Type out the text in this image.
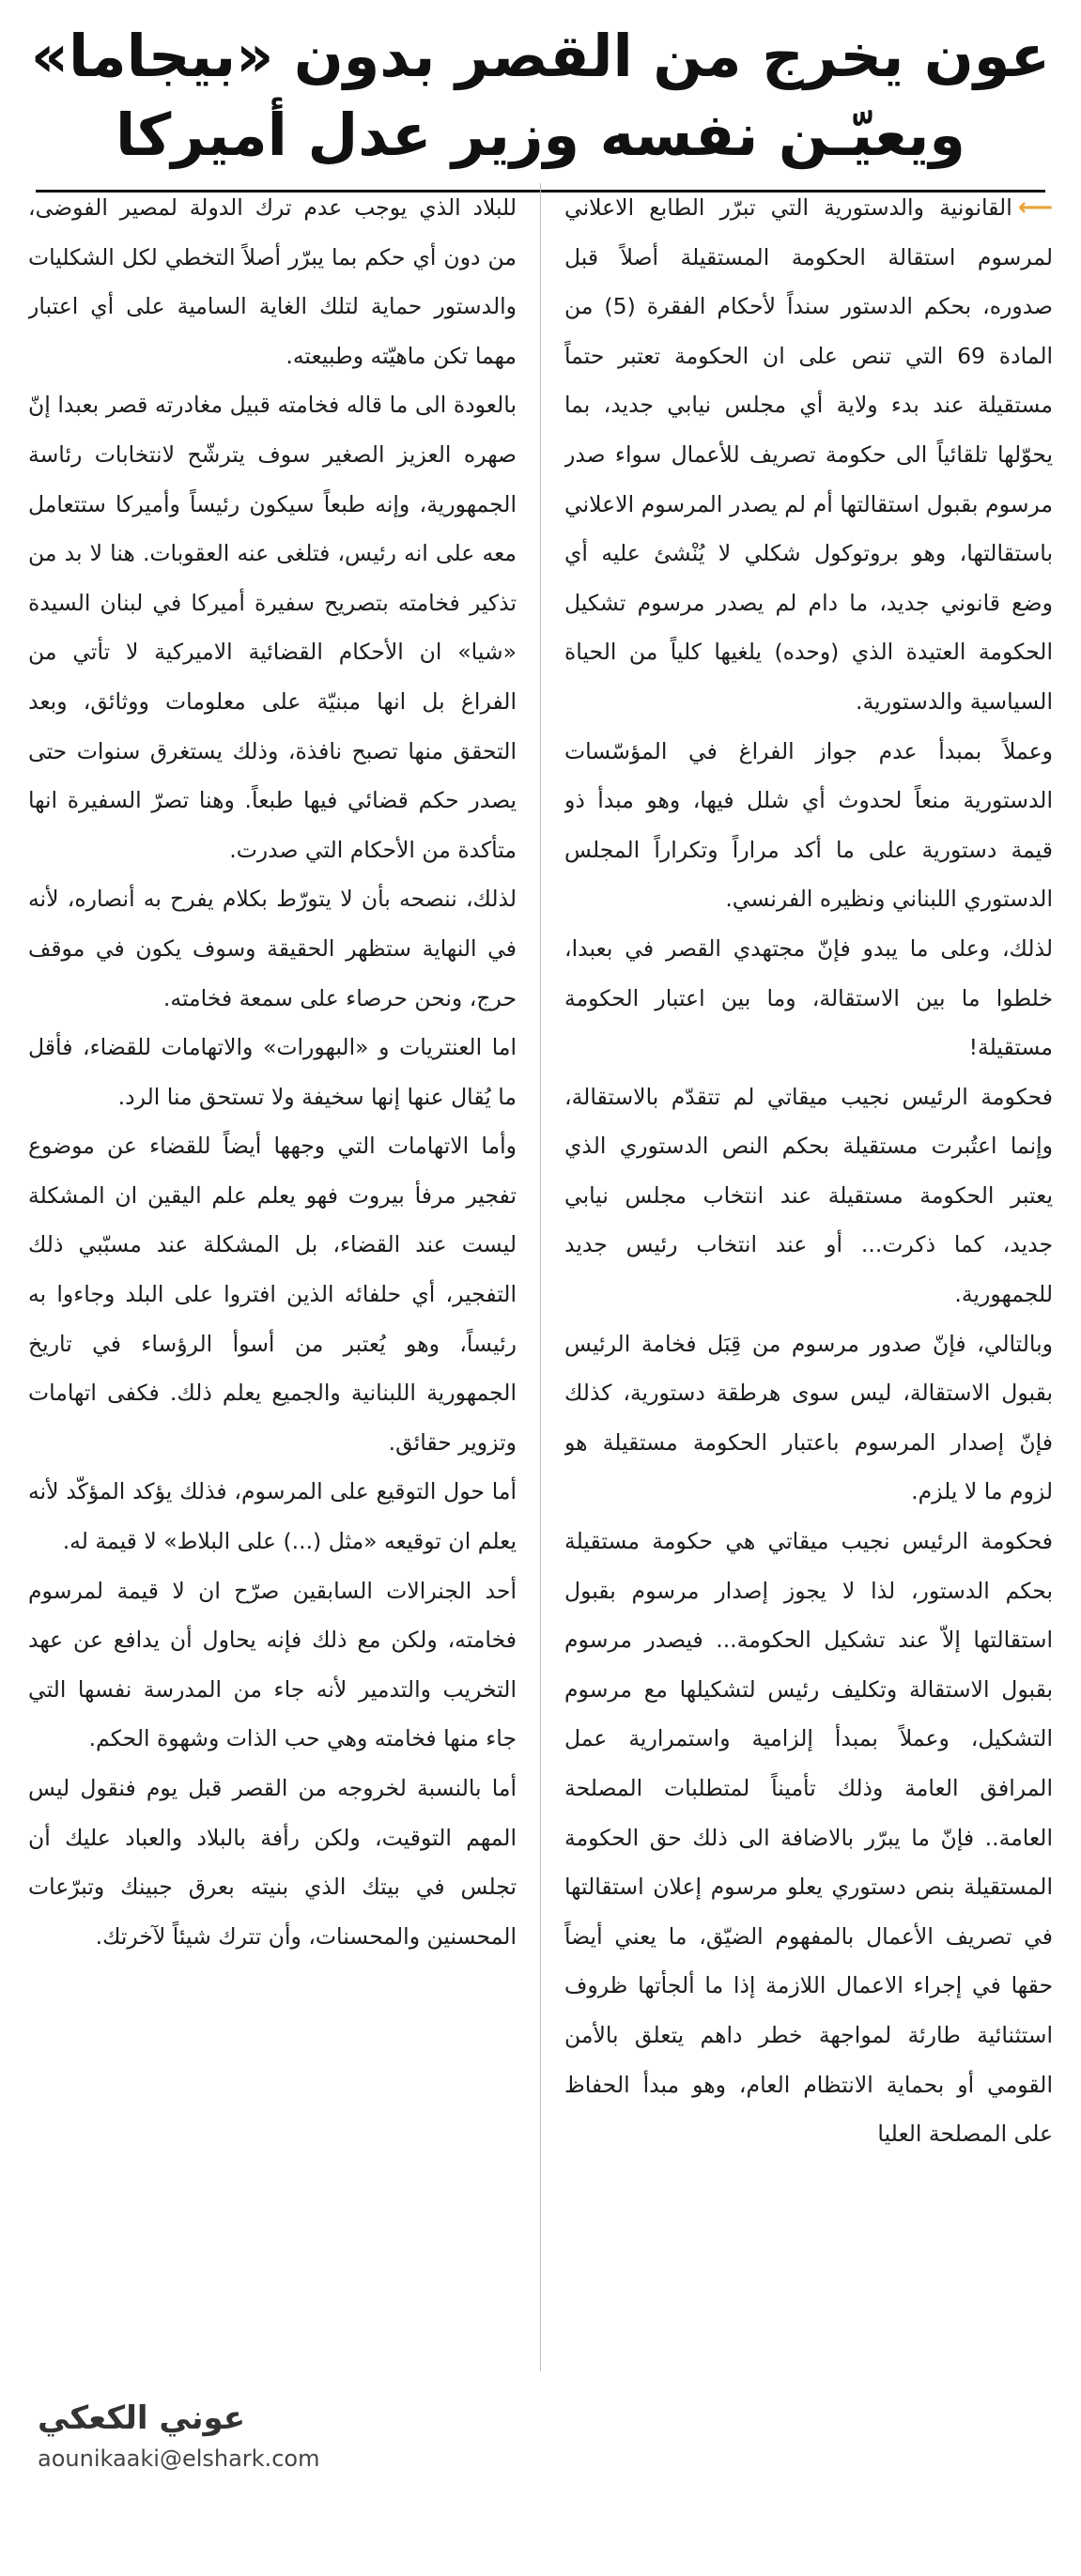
عون يخرج من القصر بدون «بيجاما»
ويعيّـن نفسه وزير عدل أميركا

⟵القانونية والدستورية التي تبرّر الطابع الاعلاني لمرسوم استقالة الحكومة المستقيلة أصلاً قبل صدوره، بحكم الدستور سنداً لأحكام الفقرة (5) من المادة 69 التي تنص على ان الحكومة تعتبر حتماً مستقيلة عند بدء ولاية أي مجلس نيابي جديد، بما يحوّلها تلقائياً الى حكومة تصريف للأعمال سواء صدر مرسوم بقبول استقالتها أم لم يصدر المرسوم الاعلاني باستقالتها، وهو بروتوكول شكلي لا يُنْشئ عليه أي وضع قانوني جديد، ما دام لم يصدر مرسوم تشكيل الحكومة العتيدة الذي (وحده) يلغيها كلياً من الحياة السياسية والدستورية.

وعملاً بمبدأ عدم جواز الفراغ في المؤسّسات الدستورية منعاً لحدوث أي شلل فيها، وهو مبدأ ذو قيمة دستورية على ما أكد مراراً وتكراراً المجلس الدستوري اللبناني ونظيره الفرنسي.

لذلك، وعلى ما يبدو فإنّ مجتهدي القصر في بعبدا، خلطوا ما بين الاستقالة، وما بين اعتبار الحكومة مستقيلة!

فحكومة الرئيس نجيب ميقاتي لم تتقدّم بالاستقالة، وإنما اعتُبرت مستقيلة بحكم النص الدستوري الذي يعتبر الحكومة مستقيلة عند انتخاب مجلس نيابي جديد، كما ذكرت... أو عند انتخاب رئيس جديد للجمهورية.

وبالتالي، فإنّ صدور مرسوم من قِبَل فخامة الرئيس بقبول الاستقالة، ليس سوى هرطقة دستورية، كذلك فإنّ إصدار المرسوم باعتبار الحكومة مستقيلة هو لزوم ما لا يلزم.

فحكومة الرئيس نجيب ميقاتي هي حكومة مستقيلة بحكم الدستور، لذا لا يجوز إصدار مرسوم بقبول استقالتها إلاّ عند تشكيل الحكومة... فيصدر مرسوم بقبول الاستقالة وتكليف رئيس لتشكيلها مع مرسوم التشكيل، وعملاً بمبدأ إلزامية واستمرارية عمل المرافق العامة وذلك تأميناً لمتطلبات المصلحة العامة.. فإنّ ما يبرّر بالاضافة الى ذلك حق الحكومة المستقيلة بنص دستوري يعلو مرسوم إعلان استقالتها في تصريف الأعمال بالمفهوم الضيّق، ما يعني أيضاً حقها في إجراء الاعمال اللازمة إذا ما ألجأتها ظروف استثنائية طارئة لمواجهة خطر داهم يتعلق بالأمن القومي أو بحماية الانتظام العام، وهو مبدأ الحفاظ على المصلحة العليا

للبلاد الذي يوجب عدم ترك الدولة لمصير الفوضى، من دون أي حكم بما يبرّر أصلاً التخطي لكل الشكليات والدستور حماية لتلك الغاية السامية على أي اعتبار مهما تكن ماهيّته وطبيعته.

بالعودة الى ما قاله فخامته قبيل مغادرته قصر بعبدا إنّ صهره العزيز الصغير سوف يترشّح لانتخابات رئاسة الجمهورية، وإنه طبعاً سيكون رئيساً وأميركا ستتعامل معه على انه رئيس، فتلغى عنه العقوبات. هنا لا بد من تذكير فخامته بتصريح سفيرة أميركا في لبنان السيدة «شيا» ان الأحكام القضائية الاميركية لا تأتي من الفراغ بل انها مبنيّة على معلومات ووثائق، وبعد التحقق منها تصبح نافذة، وذلك يستغرق سنوات حتى يصدر حكم قضائي فيها طبعاً. وهنا تصرّ السفيرة انها متأكدة من الأحكام التي صدرت.

لذلك، ننصحه بأن لا يتورّط بكلام يفرح به أنصاره، لأنه في النهاية ستظهر الحقيقة وسوف يكون في موقف حرج، ونحن حرصاء على سمعة فخامته.

اما العنتريات و «البهورات» والاتهامات للقضاء، فأقل ما يُقال عنها إنها سخيفة ولا تستحق منا الرد.

وأما الاتهامات التي وجهها أيضاً للقضاء عن موضوع تفجير مرفأ بيروت فهو يعلم علم اليقين ان المشكلة ليست عند القضاء، بل المشكلة عند مسبّبي ذلك التفجير، أي حلفائه الذين افتروا على البلد وجاءوا به رئيساً، وهو يُعتبر من أسوأ الرؤساء في تاريخ الجمهورية اللبنانية والجميع يعلم ذلك. فكفى اتهامات وتزوير حقائق.

أما حول التوقيع على المرسوم، فذلك يؤكد المؤكّد لأنه يعلم ان توقيعه «مثل (...) على البلاط» لا قيمة له.

أحد الجنرالات السابقين صرّح ان لا قيمة لمرسوم فخامته، ولكن مع ذلك فإنه يحاول أن يدافع عن عهد التخريب والتدمير لأنه جاء من المدرسة نفسها التي جاء منها فخامته وهي حب الذات وشهوة الحكم.

أما بالنسبة لخروجه من القصر قبل يوم فنقول ليس المهم التوقيت، ولكن رأفة بالبلاد والعباد عليك أن تجلس في بيتك الذي بنيته بعرق جبينك وتبرّعات المحسنين والمحسنات، وأن تترك شيئاً لآخرتك.

عوني الكعكي
aounikaaki@elshark.com
